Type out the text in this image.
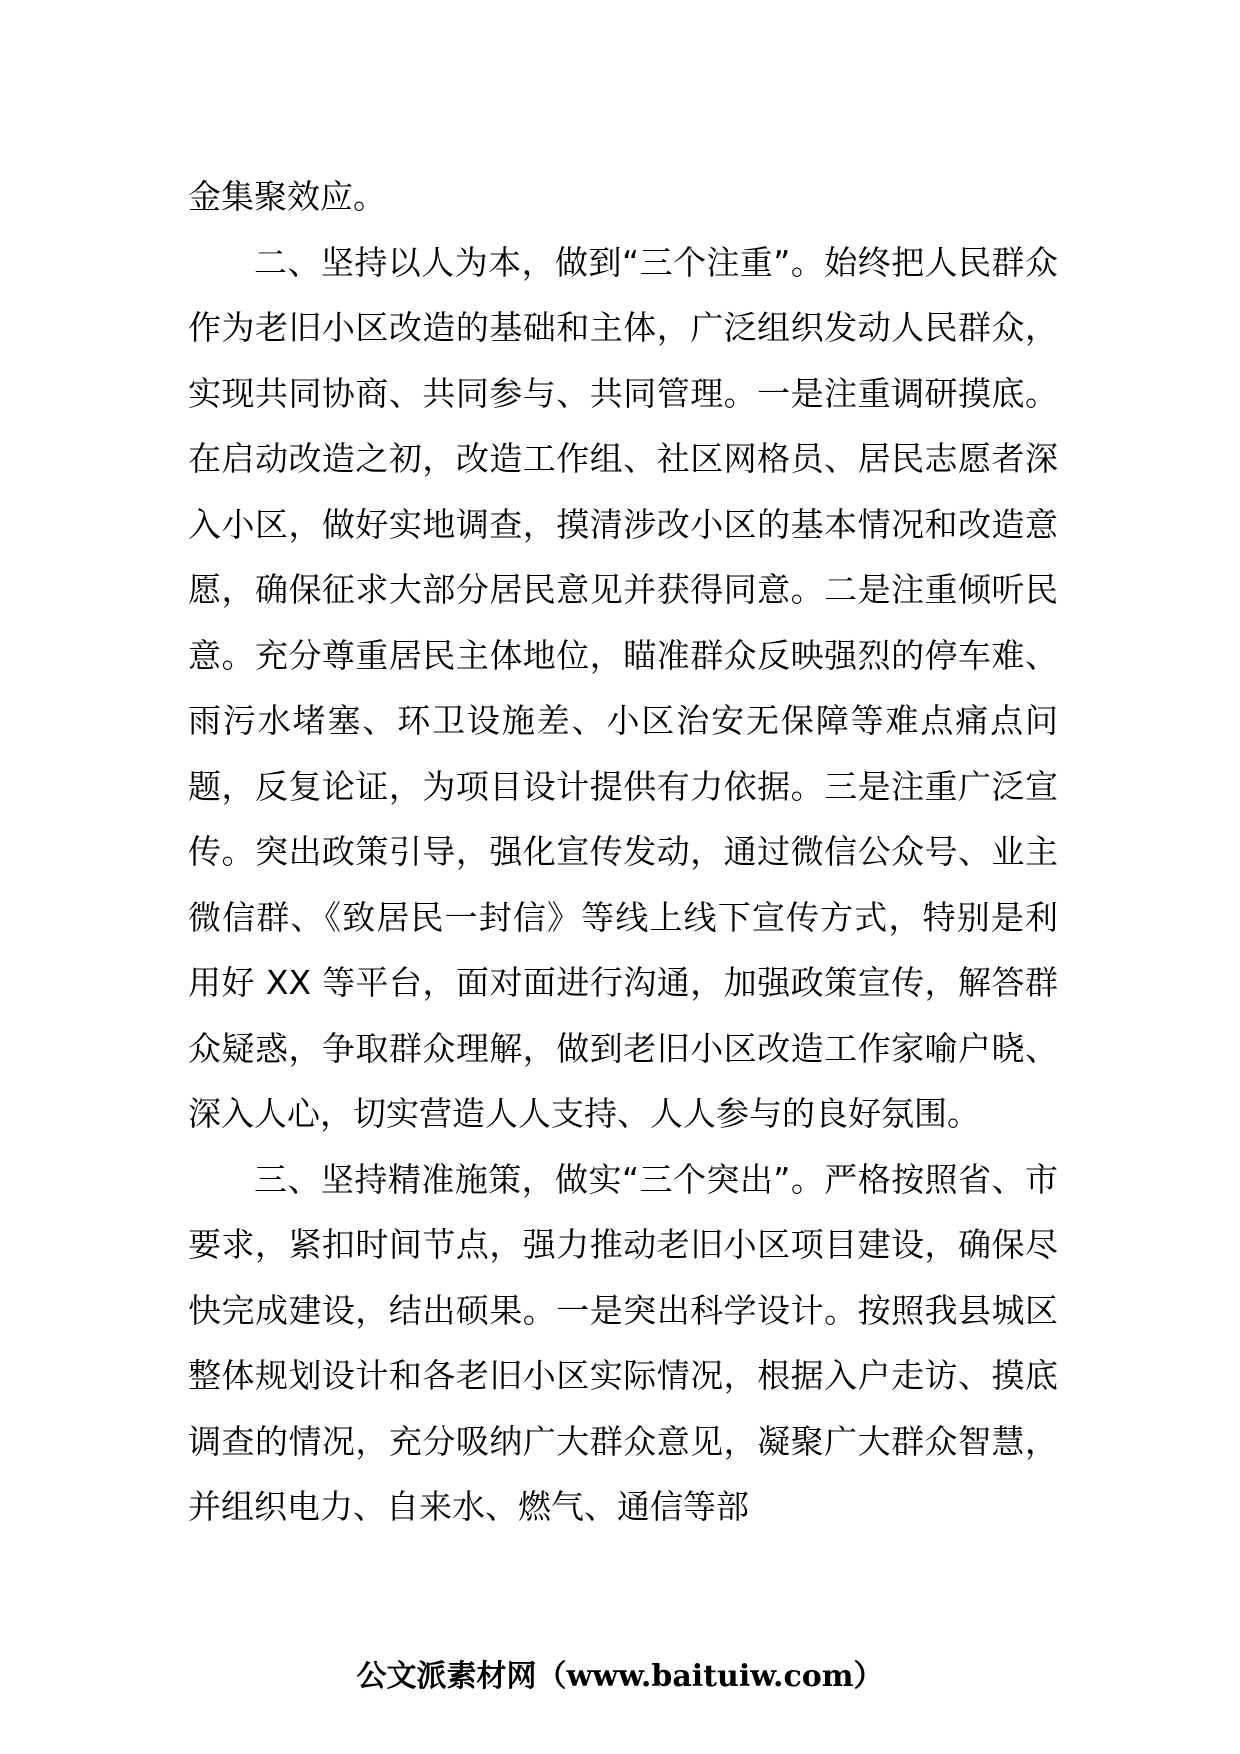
金集聚效应。

二、坚持以人为本，做到“三个注重”。始终把人民群众作为老旧小区改造的基础和主体，广泛组织发动人民群众，实现共同协商、共同参与、共同管理。一是注重调研摸底。在启动改造之初，改造工作组、社区网格员、居民志愿者深入小区，做好实地调查，摸清涉改小区的基本情况和改造意愿，确保征求大部分居民意见并获得同意。二是注重倾听民意。充分尊重居民主体地位，瞄准群众反映强烈的停车难、雨污水堵塞、环卫设施差、小区治安无保障等难点痛点问题，反复论证，为项目设计提供有力依据。三是注重广泛宣传。突出政策引导，强化宣传发动，通过微信公众号、业主微信群、《致居民一封信》等线上线下宣传方式，特别是利用好 XX 等平台，面对面进行沟通，加强政策宣传，解答群众疑惑，争取群众理解，做到老旧小区改造工作家喻户晓、深入人心，切实营造人人支持、人人参与的良好氛围。

三、坚持精准施策，做实“三个突出”。严格按照省、市要求，紧扣时间节点，强力推动老旧小区项目建设，确保尽快完成建设，结出硕果。一是突出科学设计。按照我县城区整体规划设计和各老旧小区实际情况，根据入户走访、摸底调查的情况，充分吸纳广大群众意见，凝聚广大群众智慧，并组织电力、自来水、燃气、通信等部

公文派素材网（www.baituiw.com）
